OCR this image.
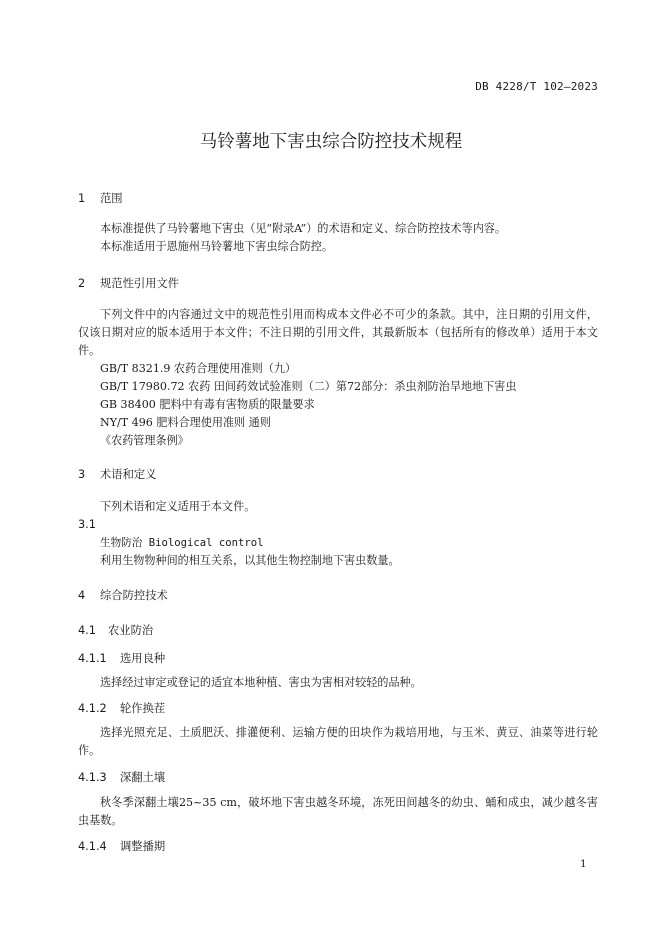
DB 4228/T 102—2023
马铃薯地下害虫综合防控技术规程
1 范围
本标准提供了马铃薯地下害虫（见“附录A”）的术语和定义、综合防控技术等内容。
本标准适用于恩施州马铃薯地下害虫综合防控。
2 规范性引用文件
下列文件中的内容通过文中的规范性引用而构成本文件必不可少的条款。其中，注日期的引用文件，仅该日期对应的版本适用于本文件；不注日期的引用文件，其最新版本（包括所有的修改单）适用于本文件。
GB/T 8321.9 农药合理使用准则（九）
GB/T 17980.72 农药 田间药效试验准则（二）第72部分：杀虫剂防治旱地地下害虫
GB 38400 肥料中有毒有害物质的限量要求
NY/T 496 肥料合理使用准则 通则
《农药管理条例》
3 术语和定义
下列术语和定义适用于本文件。
3.1
生物防治 Biological control
利用生物物种间的相互关系，以其他生物控制地下害虫数量。
4 综合防控技术
4.1 农业防治
4.1.1 选用良种
选择经过审定或登记的适宜本地种植、害虫为害相对较轻的品种。
4.1.2 轮作换茬
选择光照充足、土质肥沃、排灌便利、运输方便的田块作为栽培用地，与玉米、黄豆、油菜等进行轮作。
4.1.3 深翻土壤
秋冬季深翻土壤25~35 cm，破坏地下害虫越冬环境，冻死田间越冬的幼虫、蛹和成虫，减少越冬害虫基数。
4.1.4 调整播期
1
